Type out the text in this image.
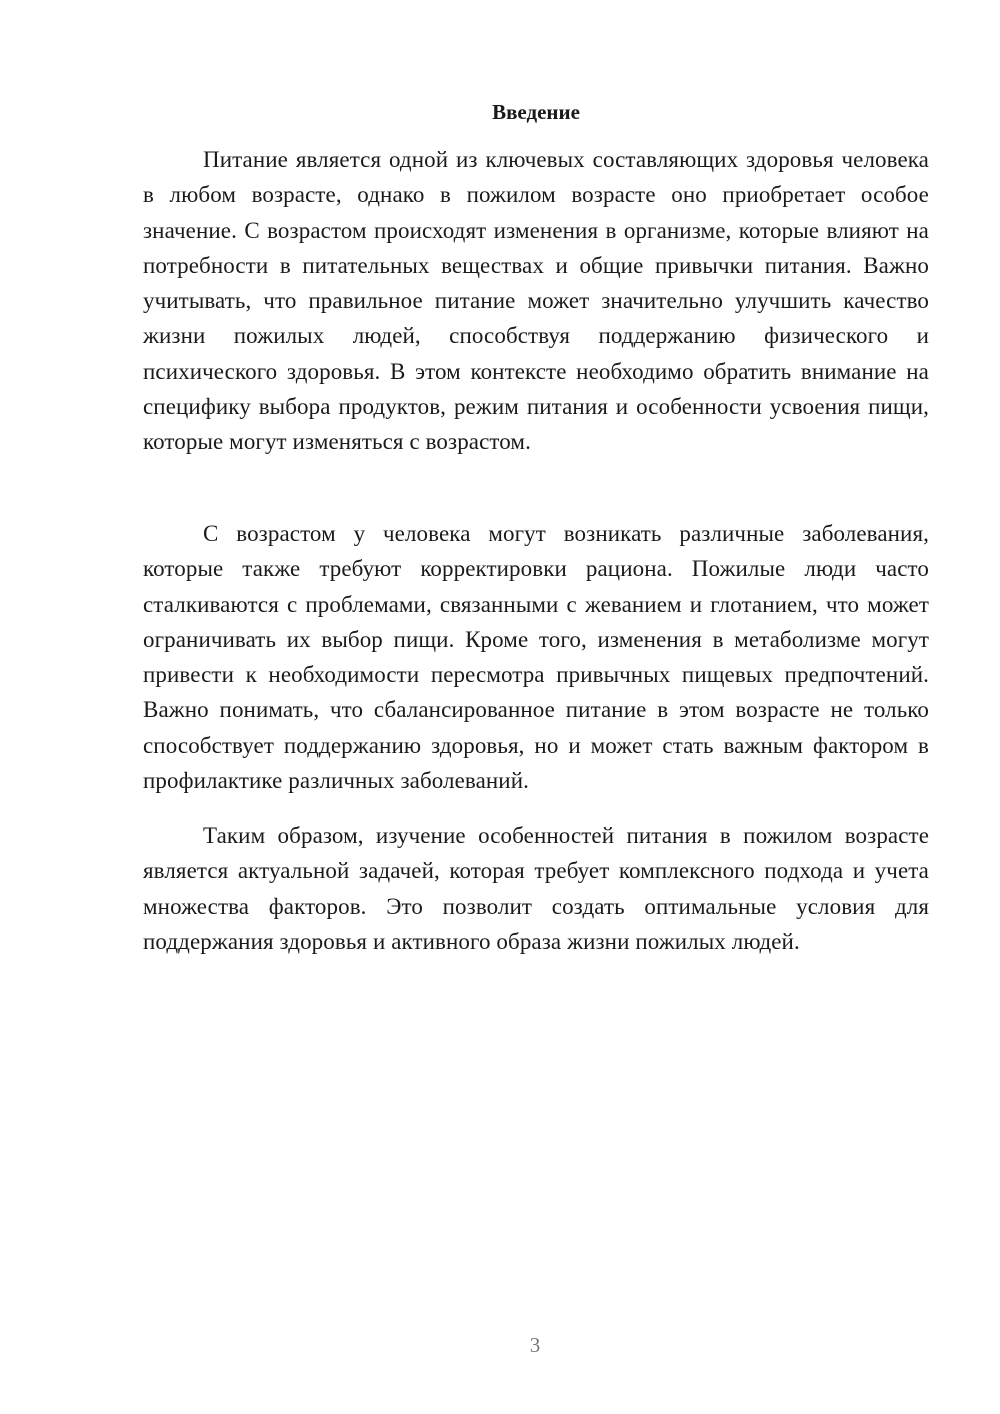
Введение

Питание является одной из ключевых составляющих здоровья человека в любом возрасте, однако в пожилом возрасте оно приобретает особое значение. С возрастом происходят изменения в организме, которые влияют на потребности в питательных веществах и общие привычки питания. Важно учитывать, что правильное питание может значительно улучшить качество жизни пожилых людей, способствуя поддержанию физического и психического здоровья. В этом контексте необходимо обратить внимание на специфику выбора продуктов, режим питания и особенности усвоения пищи, которые могут изменяться с возрастом.

С возрастом у человека могут возникать различные заболевания, которые также требуют корректировки рациона. Пожилые люди часто сталкиваются с проблемами, связанными с жеванием и глотанием, что может ограничивать их выбор пищи. Кроме того, изменения в метаболизме могут привести к необходимости пересмотра привычных пищевых предпочтений. Важно понимать, что сбалансированное питание в этом возрасте не только способствует поддержанию здоровья, но и может стать важным фактором в профилактике различных заболеваний.

Таким образом, изучение особенностей питания в пожилом возрасте является актуальной задачей, которая требует комплексного подхода и учета множества факторов. Это позволит создать оптимальные условия для поддержания здоровья и активного образа жизни пожилых людей.

3
